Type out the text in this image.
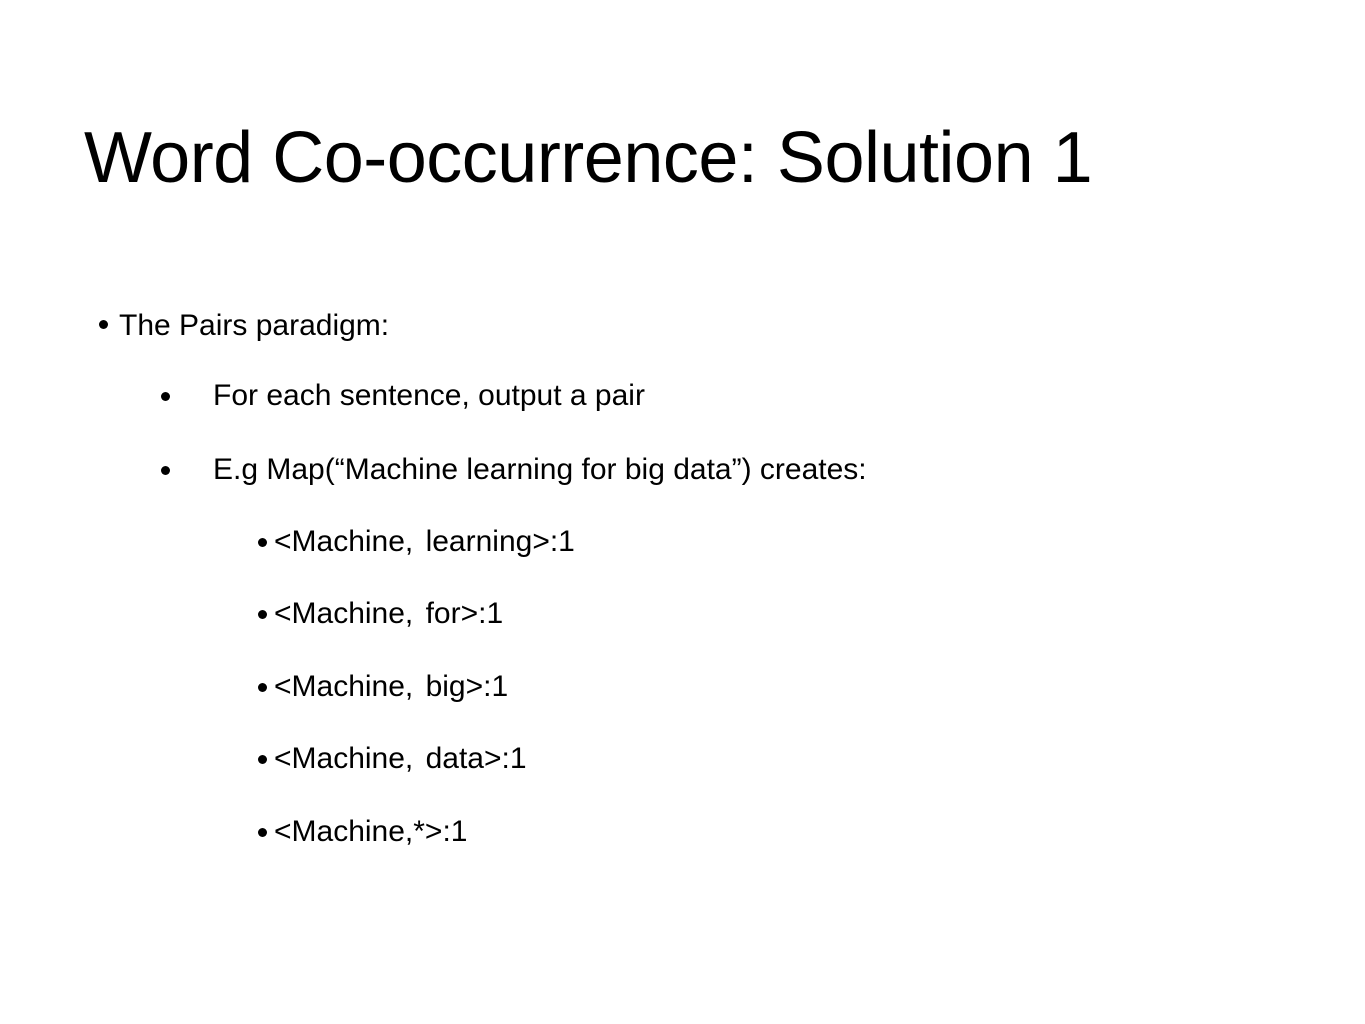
Word Co-occurrence: Solution 1
The Pairs paradigm:
For each sentence, output a pair
E.g Map(“Machine learning for big data”) creates:
<Machine, learning>:1
<Machine, for>:1
<Machine, big>:1
<Machine, data>:1
<Machine,*>:1
